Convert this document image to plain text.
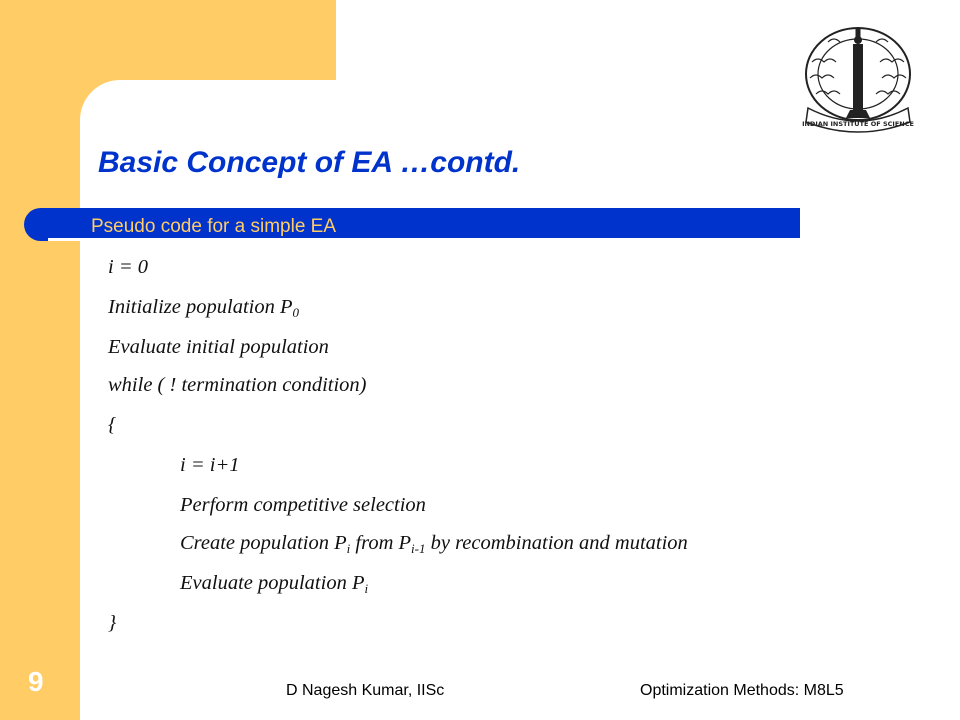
INDIAN INSTITUTE OF SCIENCE
Basic Concept of EA …contd.
Pseudo code for a simple EA
i = 0
Initialize population $P_0$
Evaluate initial population
while ( ! termination condition)
{
i = i+1
Perform competitive selection
Create population $P_i$ from $P_{i-1}$ by recombination and mutation
Evaluate population $P_i$
}
9	D Nagesh Kumar, IISc	Optimization Methods: M8L5
